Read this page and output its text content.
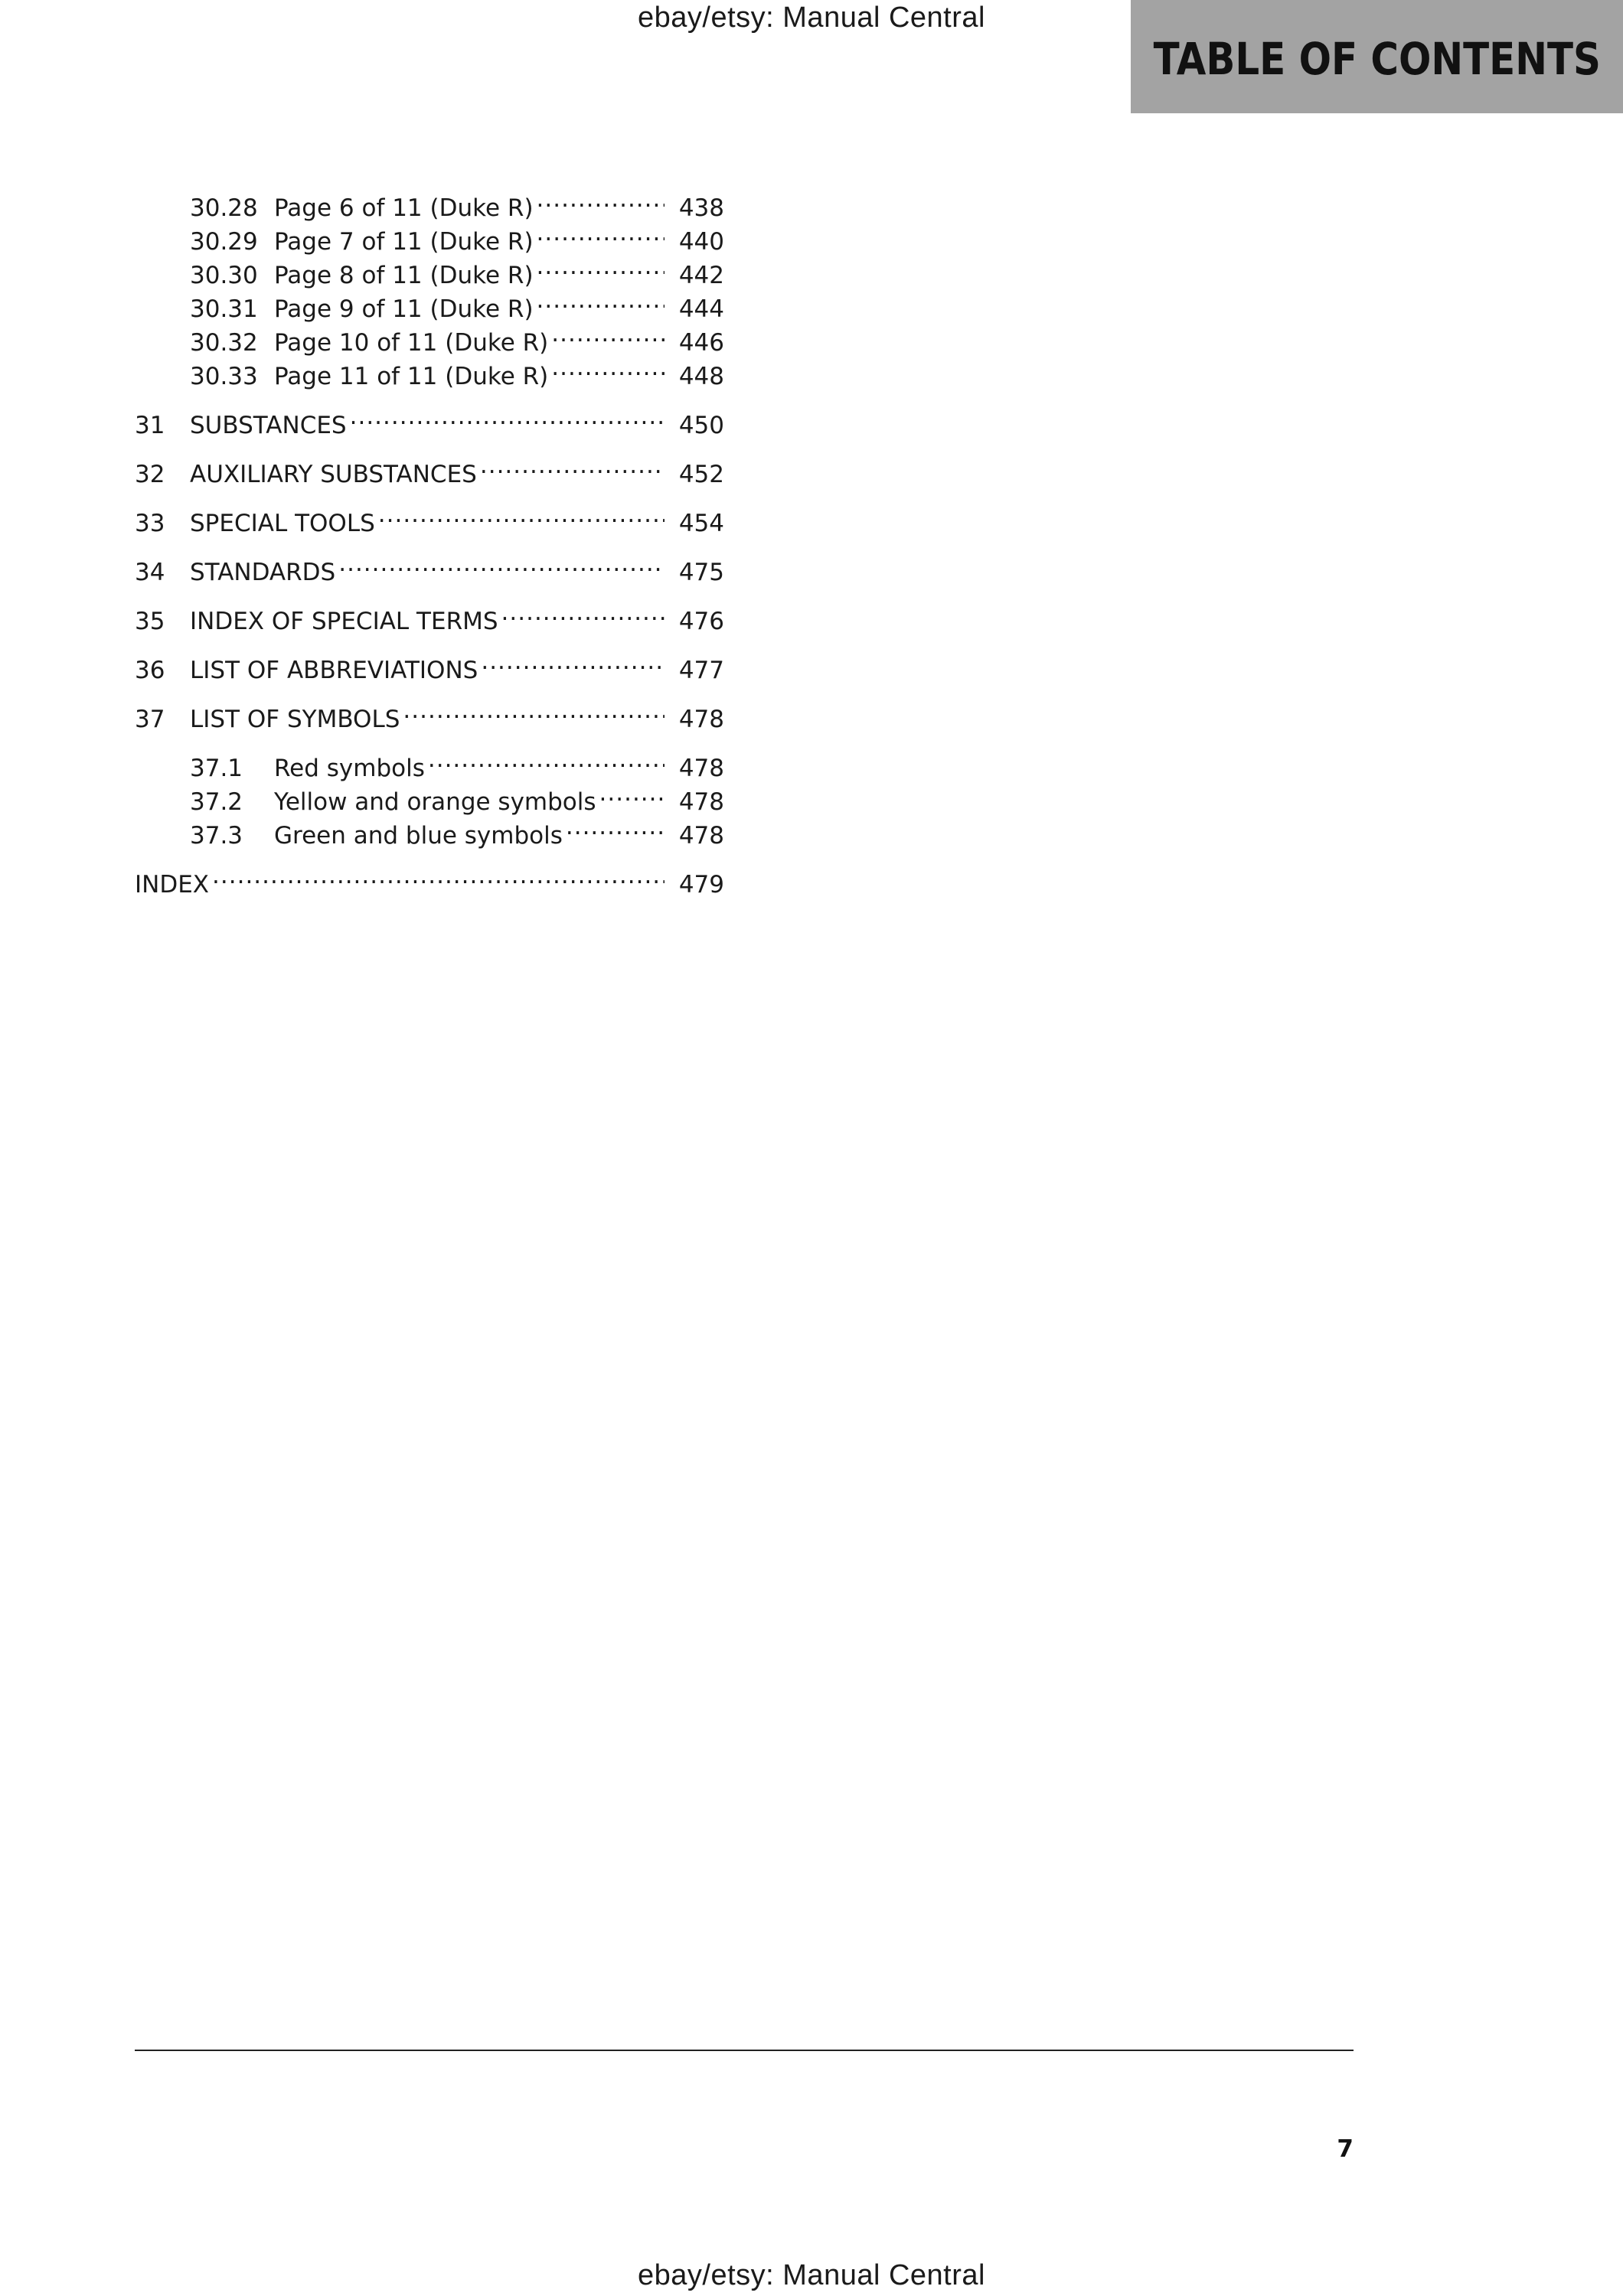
ebay/etsy: Manual Central
TABLE OF CONTENTS
30.28 Page 6 of 11 (Duke R) .....	438
30.29 Page 7 of 11 (Duke R) .....	440
30.30 Page 8 of 11 (Duke R) .....	442
30.31 Page 9 of 11 (Duke R) .....	444
30.32 Page 10 of 11 (Duke R) .....	446
30.33 Page 11 of 11 (Duke R) .....	448
31	SUBSTANCES .....	450
32	AUXILIARY SUBSTANCES .....	452
33	SPECIAL TOOLS .....	454
34	STANDARDS .....	475
35	INDEX OF SPECIAL TERMS .....	476
36	LIST OF ABBREVIATIONS .....	477
37	LIST OF SYMBOLS .....	478
37.1	Red symbols .....	478
37.2	Yellow and orange symbols .....	478
37.3	Green and blue symbols .....	478
INDEX .....	479
7
ebay/etsy: Manual Central
